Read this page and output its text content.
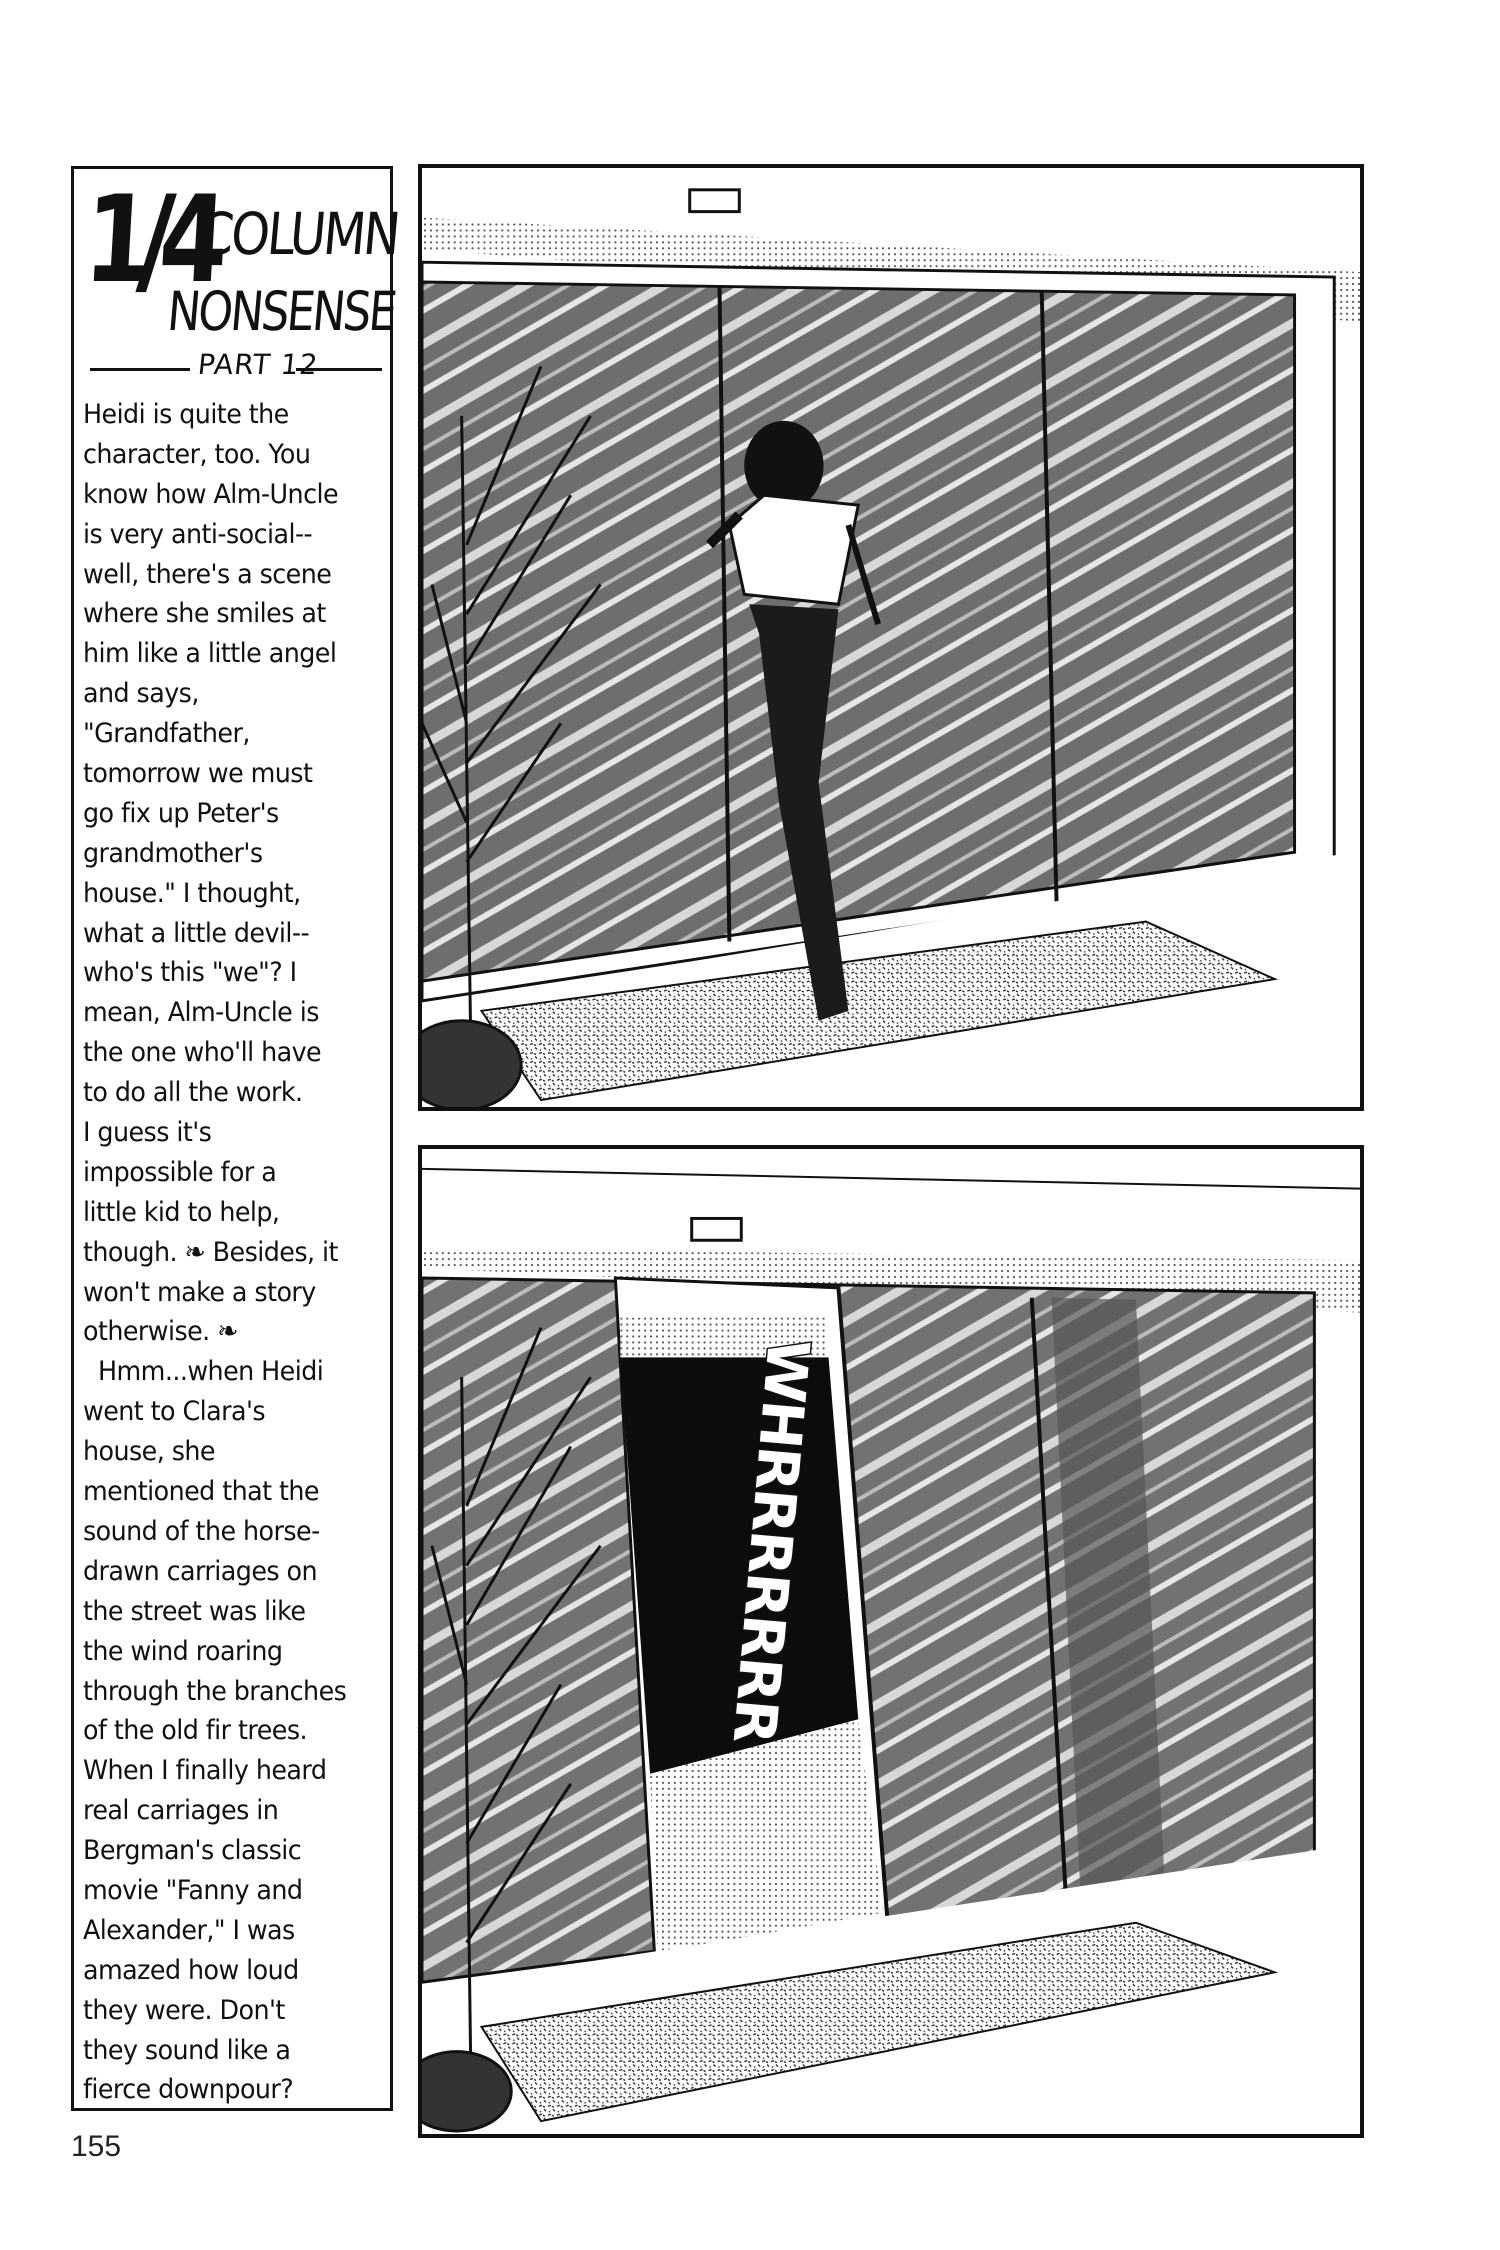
1/4
COLUMN
NONSENSE
PART 12
Heidi is quite the
character, too. You
know how Alm-Uncle
is very anti-social--
well, there's a scene
where she smiles at
him like a little angel
and says,
"Grandfather,
tomorrow we must
go fix up Peter's
grandmother's
house." I thought,
what a little devil--
who's this "we"? I
mean, Alm-Uncle is
the one who'll have
to do all the work.
I guess it's
impossible for a
little kid to help,
though. ❧ Besides, it
won't make a story
otherwise. ❧
Hmm...when Heidi
went to Clara's
house, she
mentioned that the
sound of the horse-
drawn carriages on
the street was like
the wind roaring
through the branches
of the old fir trees.
When I finally heard
real carriages in
Bergman's classic
movie "Fanny and
Alexander," I was
amazed how loud
they were. Don't
they sound like a
fierce downpour?
155
WHRRRRRRR
